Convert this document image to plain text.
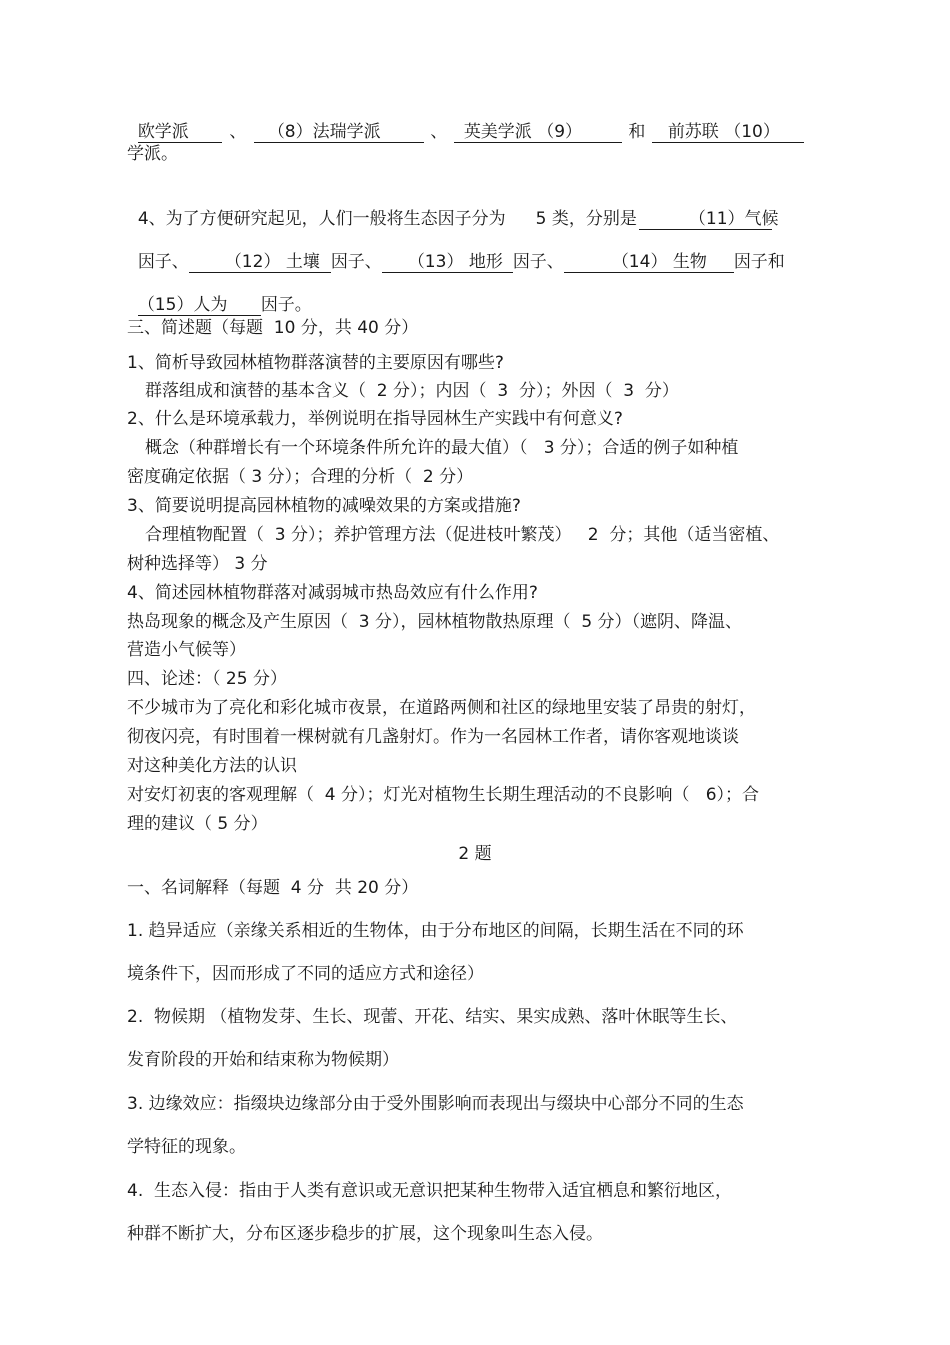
欧学派 、 （8）法瑞学派	、 英美学派 （9）	和 前苏联 （10）

学派。

4、为了方便研究起见，人们一般将生态因子分为 5 类，分别是	（11）气候

因子、 （12） 土壤 因子、 （13） 地形 因子、	（14） 生物 因子和

（15）人为 因子。

三、简述题（每题  10 分，共 40 分）
1、简析导致园林植物群落演替的主要原因有哪些?
群落组成和演替的基本含义（  2 分）；内因（  3  分）；外因（  3  分）
2、什么是环境承载力，举例说明在指导园林生产实践中有何意义?
概念（种群增长有一个环境条件所允许的最大值）（   3 分）；合适的例子如种植
密度确定依据（ 3 分）；合理的分析（  2 分）
3、简要说明提高园林植物的减噪效果的方案或措施?
合理植物配置（  3 分）；养护管理方法（促进枝叶繁茂）   2  分；其他（适当密植、
树种选择等） 3 分
4、简述园林植物群落对减弱城市热岛效应有什么作用?
热岛现象的概念及产生原因（  3 分），园林植物散热原理（  5 分）（遮阴、降温、
营造小气候等）
四、论述：（ 25 分）
不少城市为了亮化和彩化城市夜景，在道路两侧和社区的绿地里安装了昂贵的射灯，
彻夜闪亮，有时围着一棵树就有几盏射灯。作为一名园林工作者，请你客观地谈谈
对这种美化方法的认识
对安灯初衷的客观理解（  4 分）；灯光对植物生长期生理活动的不良影响（   6）；合
理的建议（ 5 分）
2 题
一、名词解释（每题  4 分  共 20 分）
1. 趋异适应（亲缘关系相近的生物体，由于分布地区的间隔，长期生活在不同的环
境条件下，因而形成了不同的适应方式和途径）
2.  物候期 （植物发芽、生长、现蕾、开花、结实、果实成熟、落叶休眠等生长、
发育阶段的开始和结束称为物候期）
3. 边缘效应：指缀块边缘部分由于受外围影响而表现出与缀块中心部分不同的生态
学特征的现象。
4.  生态入侵：指由于人类有意识或无意识把某种生物带入适宜栖息和繁衍地区，
种群不断扩大，分布区逐步稳步的扩展，这个现象叫生态入侵。
